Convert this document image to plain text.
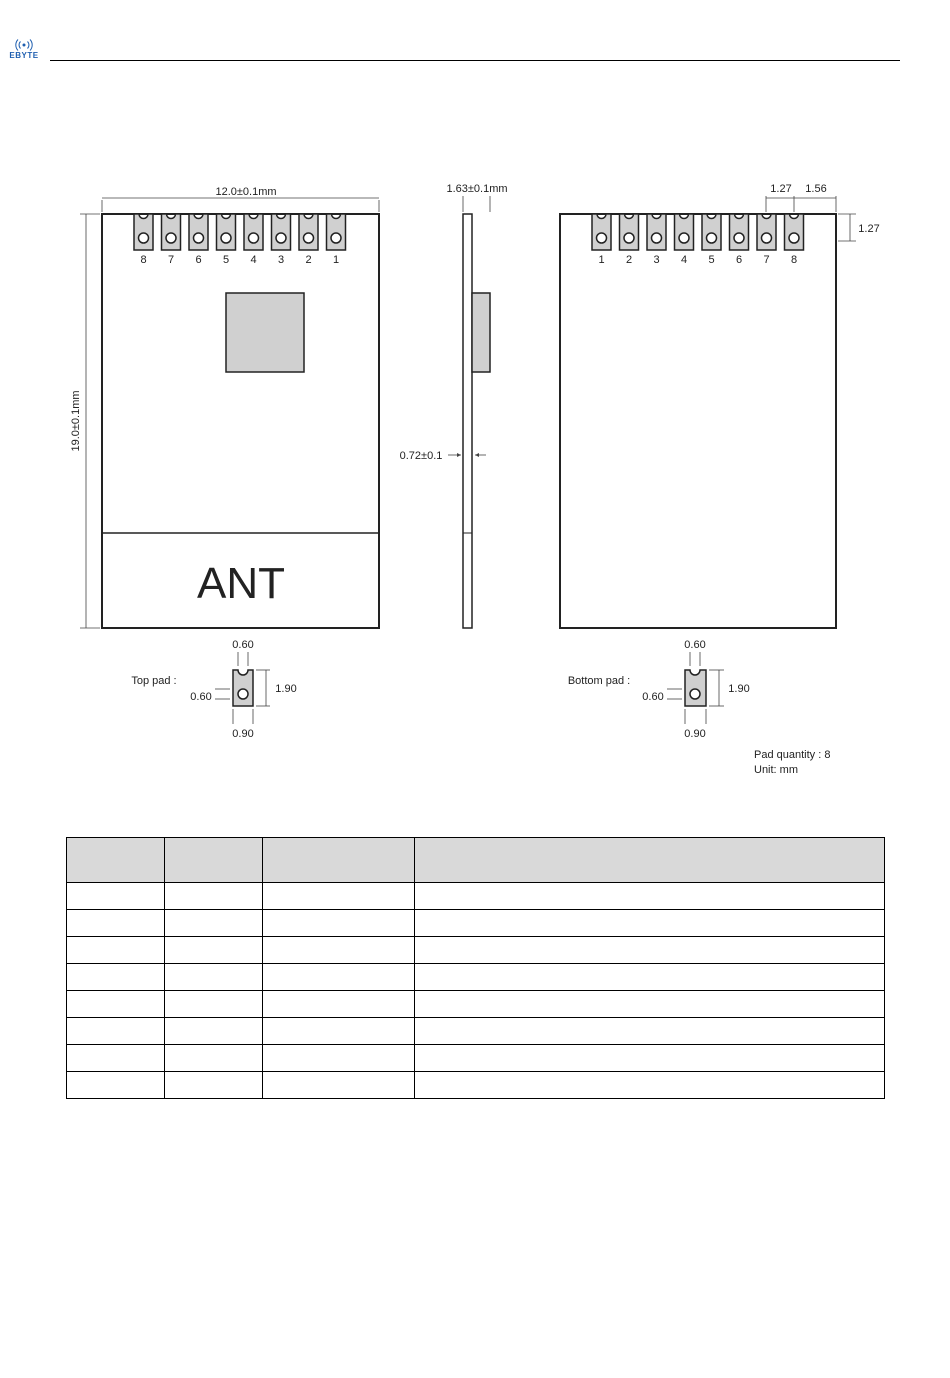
EBYTE
ANT
12.0±0.1mm
19.0±0.1mm
8 7 6 5 4 3 2 1
1.63±0.1mm
0.72±0.1
1.27 1.56
1.27
1 2 3 4 5 6 7 8
Top pad :
0.60
0.60
1.90
0.90
Bottom pad :
0.60
0.60
1.90
0.90
Pad quantity : 8
Unit: mm
